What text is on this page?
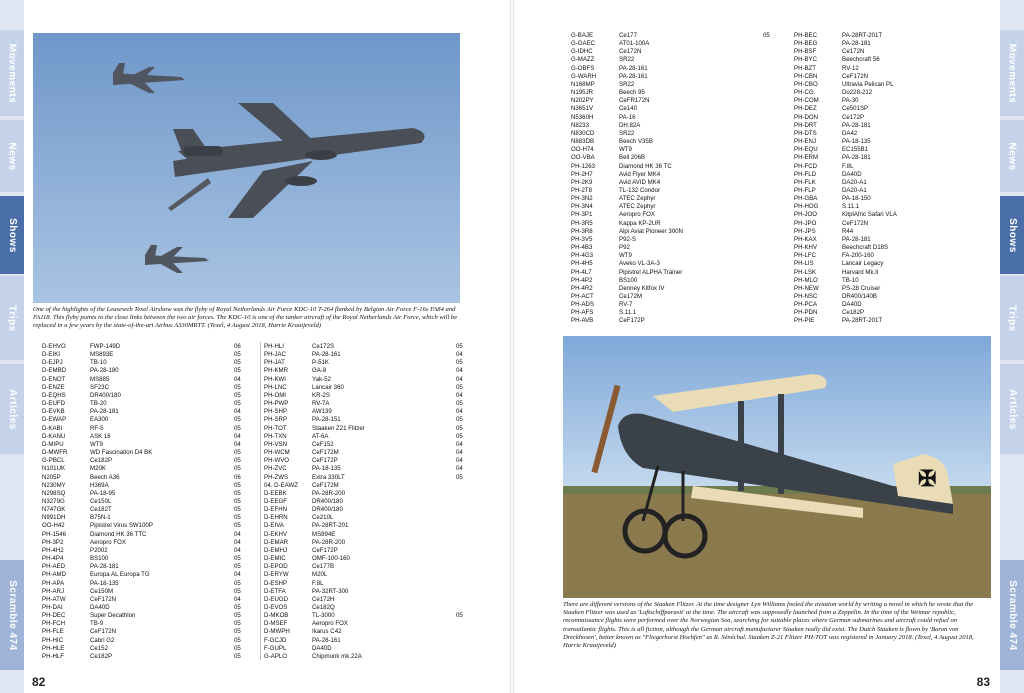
One of the highlights of the Leaseweb Texel Airshow was the flyby of Royal Netherlands Air Force KDC-10 T-264 flanked by Belgian Air Force F-16s FA84 and FA118. This flyby points to the close links between the two air forces. The KDC-10 is one of the tanker aircraft of the Royal Netherlands Air Force, which will be replaced in a few years by the state-of-the-art Airbus A330MRTT. (Texel, 4 August 2018, Harrie Kraaijeveld)
D-EHVO	FWP-149D	06
D-EIKI	MS893E	05
D-EJPJ	TB-10	05
D-EMBD	PA-28-180	05
D-ENOT	MS885	04
D-ENZE	SF23C	05
D-EQHS	DR400/180	05
D-EUFD	TB-20	05
D-EVKB	PA-28-181	04
D-EWAP	EA300	05
D-KABI	RF-5	05
D-KANU	ASK 16	04
D-MIPU	WT9	04
D-MWFR	WD Fascination D4 BK	05
G-PBCL	Ce182P	05
N101UK	M20K	05
N205P	Beech A36	06
N230MY	H369A	05
N298SQ	PA-18-95	05
N3279G	Ce150L	05
N747GK	Ce182T	05
N991DH	B75N-1	05
OO-H42	Pipistrel Virus SW100P	05
PH-1546	Diamond HK 36 TTC	04
PH-3P2	Aeropro FOX	04
PH-4H2	P2002	04
PH-4P4	BS100	05
PH-AED	PA-28-181	05
PH-AMD	Europa AL Europa TG	04
PH-APA	PA-18-135	05
PH-ARJ	Ce150M	05
PH-ATW	CeF172N	04
PH-DAI	DA40D	05
PH-DEC	Super Decathlon	05
PH-FCH	TB-9	05
PH-FLE	CeF172N	05
PH-HIC	Cabri G2	05
PH-HLE	Ce152	05
PH-HLF	Ce182P	05
PH-HLI	Ce172S	05
PH-JAC	PA-28-161	04
PH-JAT	P-51K	05
PH-KMR	GA-8	04
PH-KWI	Yak-52	04
PH-LNC	Lancair 360	05
PH-OMI	KR-2S	04
PH-PWP	RV-7A	05
PH-SHP	AW139	04
PH-SRP	PA-28-151	05
PH-TOT	Staaken Z21 Flitzer	05
PH-TXN	AT-6A	05
PH-VSN	CeF152	04
PH-WCM	CeF172M	04
PH-WVO	CeF172P	04
PH-ZVC	PA-18-135	04
PH-ZWS	Extra 330LT	05
04. D-EAWZ	CeF172M	
D-EEBK	PA-28R-200	
D-EEGF	DR400/180	
D-EFHN	DR400/180	
D-EHRN	Ce210L	
D-EIVA	PA-28RT-201	
D-EKHV	MS894E	
D-EMAR	PA-28R-200	
D-EMHJ	CeF172P	
D-EMIC	OMF-100-160	
D-EPOD	Ce177B	
D-ERYW	M20L	
D-ESHP	F.8L	
D-ETFA	PA-32RT-300	
D-EUGD	Ce172H	
D-EVOS	Ce182Q	
D-MKOB	TL-3000	05
D-MSEF	Aeropro FOX	
D-MWPH	Ikarus C42	
F-GCJD	PA-28-161	
F-GUPL	DA40D	
G-APLO	Chipmunk mk.22A	
82
G-BAJE	Ce177	05
G-GAEC	AT01-100A	
G-IDHC	Ce172N	
G-MAZZ	SR22	
G-OBFS	PA-28-161	
G-WARH	PA-28-161	
N168MP	SR22	
N195JR	Beech 95	
N202PY	CeFR172N	
N3651V	Ce140	
N5360H	PA-16	
N8233	DH.82A	
N830CD	SR22	
N883DB	Beech V35B	
OO-H74	WT9	
OO-VBA	Bell 206B	
PH-1263	Diamond HK 36 TC	
PH-2H7	Avid Flyer MK4	
PH-2K9	Avid AVID MK4	
PH-2T8	TL-132 Condor	
PH-3N2	ATEC Zephyr	
PH-3N4	ATEC Zephyr	
PH-3P1	Aeropro FOX	
PH-3R5	Kappa KP-2UR	
PH-3R8	Alpi Aviat Pioneer 300N	
PH-3V5	P92-S	
PH-4B3	P92	
PH-4G3	WT9	
PH-4H5	Aveko VL-3A-3	
PH-4L7	Pipistrel ALPHA Trainer	
PH-4P2	BS100	
PH-4R2	Denney Kitfox IV	
PH-ACT	Ce172M	
PH-ADS	RV-7	
PH-AFS	S.11.1	
PH-AVB	CeF172P	
PH-BEC	PA-28RT-201T	
PH-BEG	PA-28-181	
PH-BSF	Ce172N	
PH-BYC	Beechcraft 56	
PH-BZT	RV-12	
PH-CBN	CeF172N	
PH-CBO	Ultravia Pelican PL	
PH-CG.	Do228-212	
PH-COM	PA-30	
PH-DEZ	Ce501SP	
PH-DON	Ce172P	
PH-DRT	PA-28-181	
PH-DTS	DA42	
PH-ENJ	PA-18-135	
PH-EQU	EC155B1	
PH-ERM	PA-28-181	
PH-FCD	F.8L	
PH-FLD	DA40D	
PH-FLK	DA20-A1	
PH-FLP	DA20-A1	
PH-GBA	PA-18-150	
PH-HOG	S.11.1	
PH-JOO	KitplAfric Safari VLA	
PH-JPO	CeF172N	
PH-JPS	R44	
PH-KAX	PA-28-181	
PH-KHV	Beechcraft D18S	
PH-LFC	FA-200-160	
PH-LIS	Lancair Legacy	
PH-LSK	Harvard Mk.II	
PH-MLO	TB-10	
PH-NEW	PS-28 Cruiser	
PH-NSC	DR400/140B	
PH-PCA	DA40D	
PH-PDN	Ce182P	
PH-PIE	PA-28RT-201T	
✠
There are different versions of the Staaken Flitzer. At the time designer Lyn Williams fooled the aviation world by writing a novel in which he wrote that the Staaken Flitzer was used as 'Luftschiffparasit' at the time. The aircraft was supposedly launched from a Zeppelin. In the time of the Weimar republic, reconnaissance flights were performed over the Norwegian Sea, searching for suitable places where German submarines and aircraft could refuel on transatlantic flights. This is all fiction, although the German aircraft manufacturer Staaken really did exist. The Dutch Staaken is flown by 'Baron von Dreckhosen', better known as "Fliegerhorst Hochfen" as R. Sénéchal. Staaken Z-21 Flitzer PH-TOT was registered in January 2018. (Texel, 4 August 2018, Harrie Kraaijeveld)
83
Movements
News
Shows
Trips
Articles
Scramble 474
Movements
News
Shows
Trips
Articles
Scramble 474
